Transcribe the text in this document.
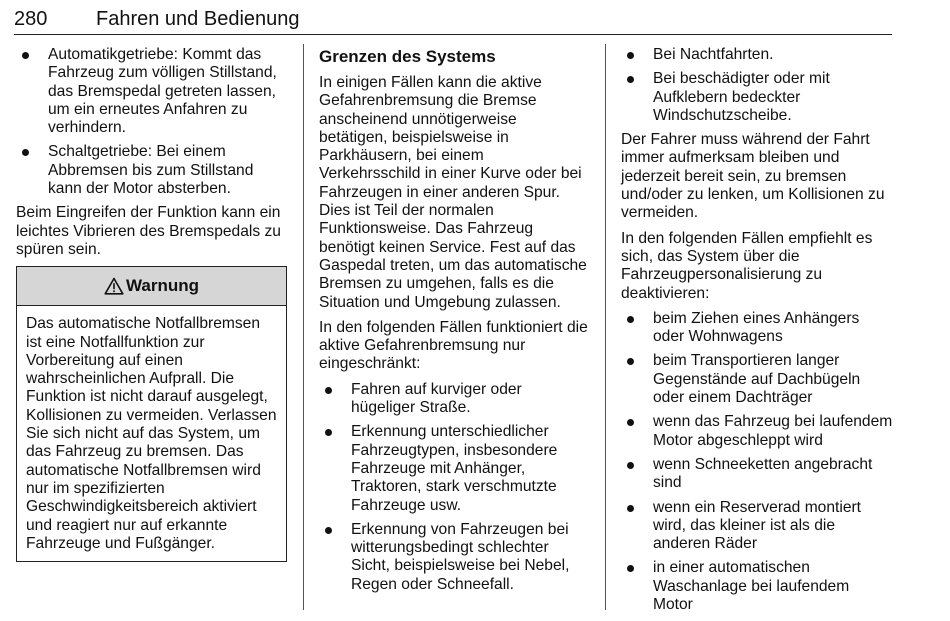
280 Fahren und Bedienung
Automatikgetriebe: Kommt das Fahrzeug zum völligen Stillstand, das Bremspedal getreten lassen, um ein erneutes Anfahren zu verhindern.
Schaltgetriebe: Bei einem Abbremsen bis zum Stillstand kann der Motor absterben.

Beim Eingreifen der Funktion kann ein leichtes Vibrieren des Bremspedals zu spüren sein.

Warnung
Das automatische Notfallbremsen ist eine Notfallfunktion zur Vorbereitung auf einen wahrscheinlichen Aufprall. Die Funktion ist nicht darauf ausgelegt, Kollisionen zu vermeiden. Verlassen Sie sich nicht auf das System, um das Fahrzeug zu bremsen. Das automatische Notfallbremsen wird nur im spezifizierten Geschwindigkeitsbereich aktiviert und reagiert nur auf erkannte Fahrzeuge und Fußgänger.
Grenzen des Systems

In einigen Fällen kann die aktive Gefahrenbremsung die Bremse anscheinend unnötigerweise betätigen, beispielsweise in Parkhäusern, bei einem Verkehrsschild in einer Kurve oder bei Fahrzeugen in einer anderen Spur. Dies ist Teil der normalen Funktionsweise. Das Fahrzeug benötigt keinen Service. Fest auf das Gaspedal treten, um das automatische Bremsen zu umgehen, falls es die Situation und Umgebung zulassen.

In den folgenden Fällen funktioniert die aktive Gefahrenbremsung nur eingeschränkt:

Fahren auf kurviger oder hügeliger Straße.
Erkennung unterschiedlicher Fahrzeugtypen, insbesondere Fahrzeuge mit Anhänger, Traktoren, stark verschmutzte Fahrzeuge usw.
Erkennung von Fahrzeugen bei witterungsbedingt schlechter Sicht, beispielsweise bei Nebel, Regen oder Schneefall.
Bei Nachtfahrten.
Bei beschädigter oder mit Aufklebern bedeckter Windschutzscheibe.

Der Fahrer muss während der Fahrt immer aufmerksam bleiben und jederzeit bereit sein, zu bremsen und/oder zu lenken, um Kollisionen zu vermeiden.

In den folgenden Fällen empfiehlt es sich, das System über die Fahrzeugpersonalisierung zu deaktivieren:

beim Ziehen eines Anhängers oder Wohnwagens
beim Transportieren langer Gegenstände auf Dachbügeln oder einem Dachträger
wenn das Fahrzeug bei laufendem Motor abgeschleppt wird
wenn Schneeketten angebracht sind
wenn ein Reserverad montiert wird, das kleiner ist als die anderen Räder
in einer automatischen Waschanlage bei laufendem Motor
